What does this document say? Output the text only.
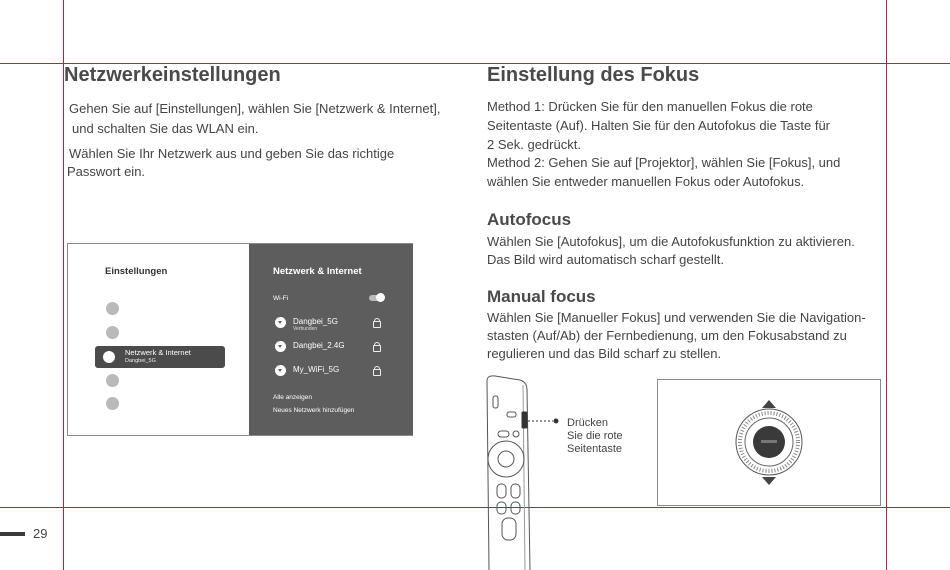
Netzwerkeinstellungen
Gehen Sie auf [Einstellungen], wählen Sie [Netzwerk & Internet],
und schalten Sie das WLAN ein.
Wählen Sie Ihr Netzwerk aus und geben Sie das richtige
Passwort ein.
Einstellungen
Netzwerk & Internet
Dangbei_5G
Netzwerk & Internet
Wi-Fi
Dangbei_5G
Verbunden
Dangbei_2.4G
My_WiFi_5G
Alle anzeigen
Neues Netzwerk hinzufügen
Einstellung des Fokus
Method 1: Drücken Sie für den manuellen Fokus die rote
Seitentaste (Auf). Halten Sie für den Autofokus die Taste für
2 Sek. gedrückt.
Method 2: Gehen Sie auf [Projektor], wählen Sie [Fokus], und
wählen Sie entweder manuellen Fokus oder Autofokus.
Autofocus
Wählen Sie [Autofokus], um die Autofokusfunktion zu aktivieren.
Das Bild wird automatisch scharf gestellt.
Manual focus
Wählen Sie [Manueller Fokus] und verwenden Sie die Navigation-
stasten (Auf/Ab) der Fernbedienung, um den Fokusabstand zu
regulieren und das Bild scharf zu stellen.
Drücken
Sie die rote
Seitentaste
29
